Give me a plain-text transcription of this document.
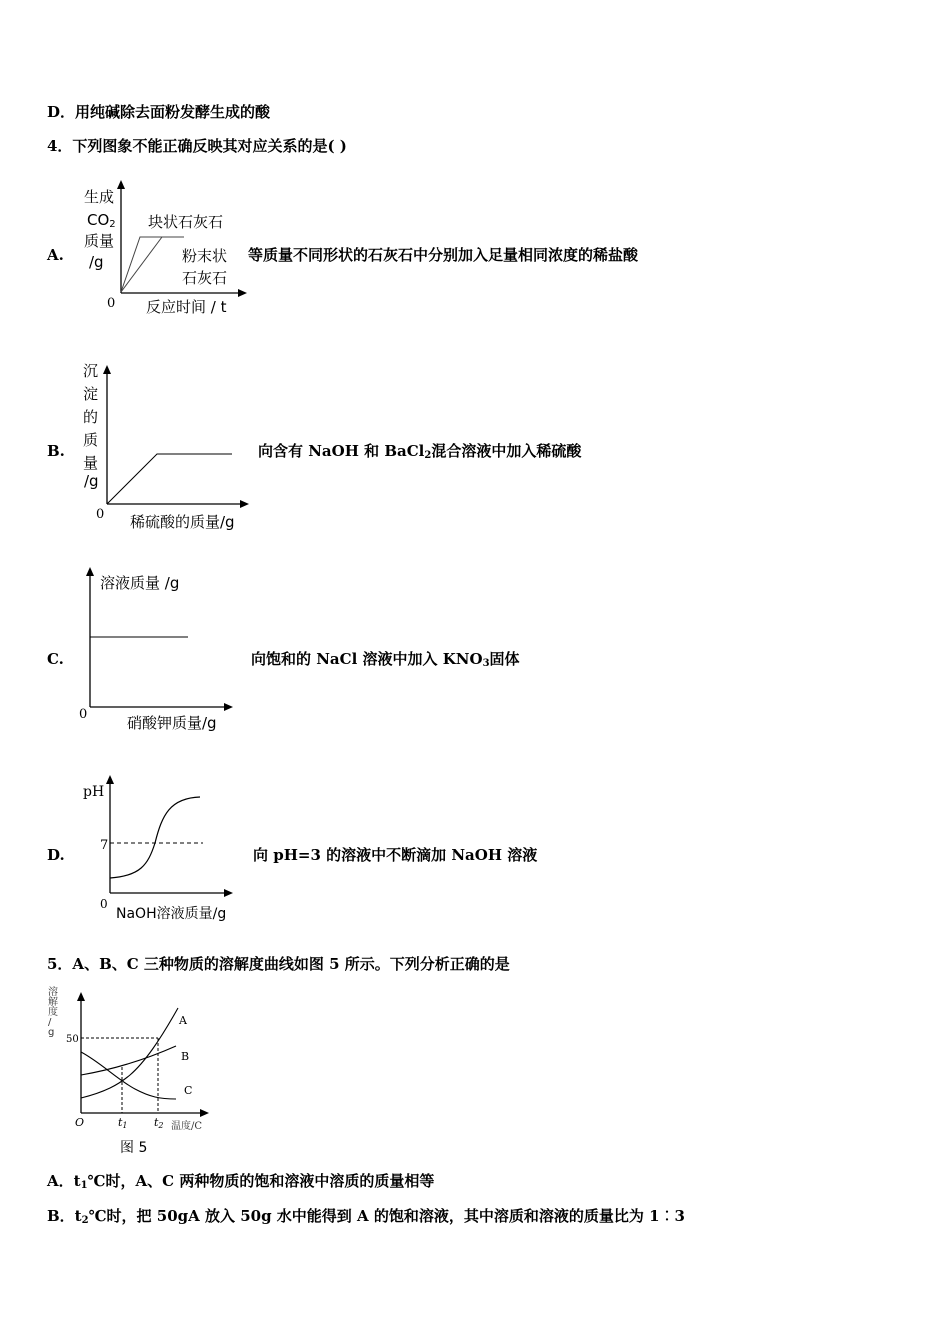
D．用纯碱除去面粉发酵生成的酸
4．下列图象不能正确反映其对应关系的是( )
A.
生成
$CO_2$
质量
/g
块状石灰石
粉末状
石灰石
0 反应时间 / t
等质量不同形状的石灰石中分别加入足量相同浓度的稀盐酸
B.
沉
淀
的
质
量
/g
0 稀硫酸的质量/g
向含有 NaOH 和 BaCl$_2$混合溶液中加入稀硫酸
C.
溶液质量 /g
0	硝酸钾质量/g
向饱和的 NaCl 溶液中加入 $KNO_3$固体
D.
pH
7
0
NaOH溶液质量/g
向 pH=3 的溶液中不断滴加 NaOH 溶液
5．A、B、C 三种物质的溶解度曲线如图 5 所示。下列分析正确的是
溶
解
度
/
g
50
O	$t_1$ $t_2$ 温度/C
A
B
C
图 5
A．$t_1℃$时，A、C 两种物质的饱和溶液中溶质的质量相等
B．$t_2℃$时，把 50gA 放入 50g 水中能得到 A 的饱和溶液，其中溶质和溶液的质量比为 1︰3
